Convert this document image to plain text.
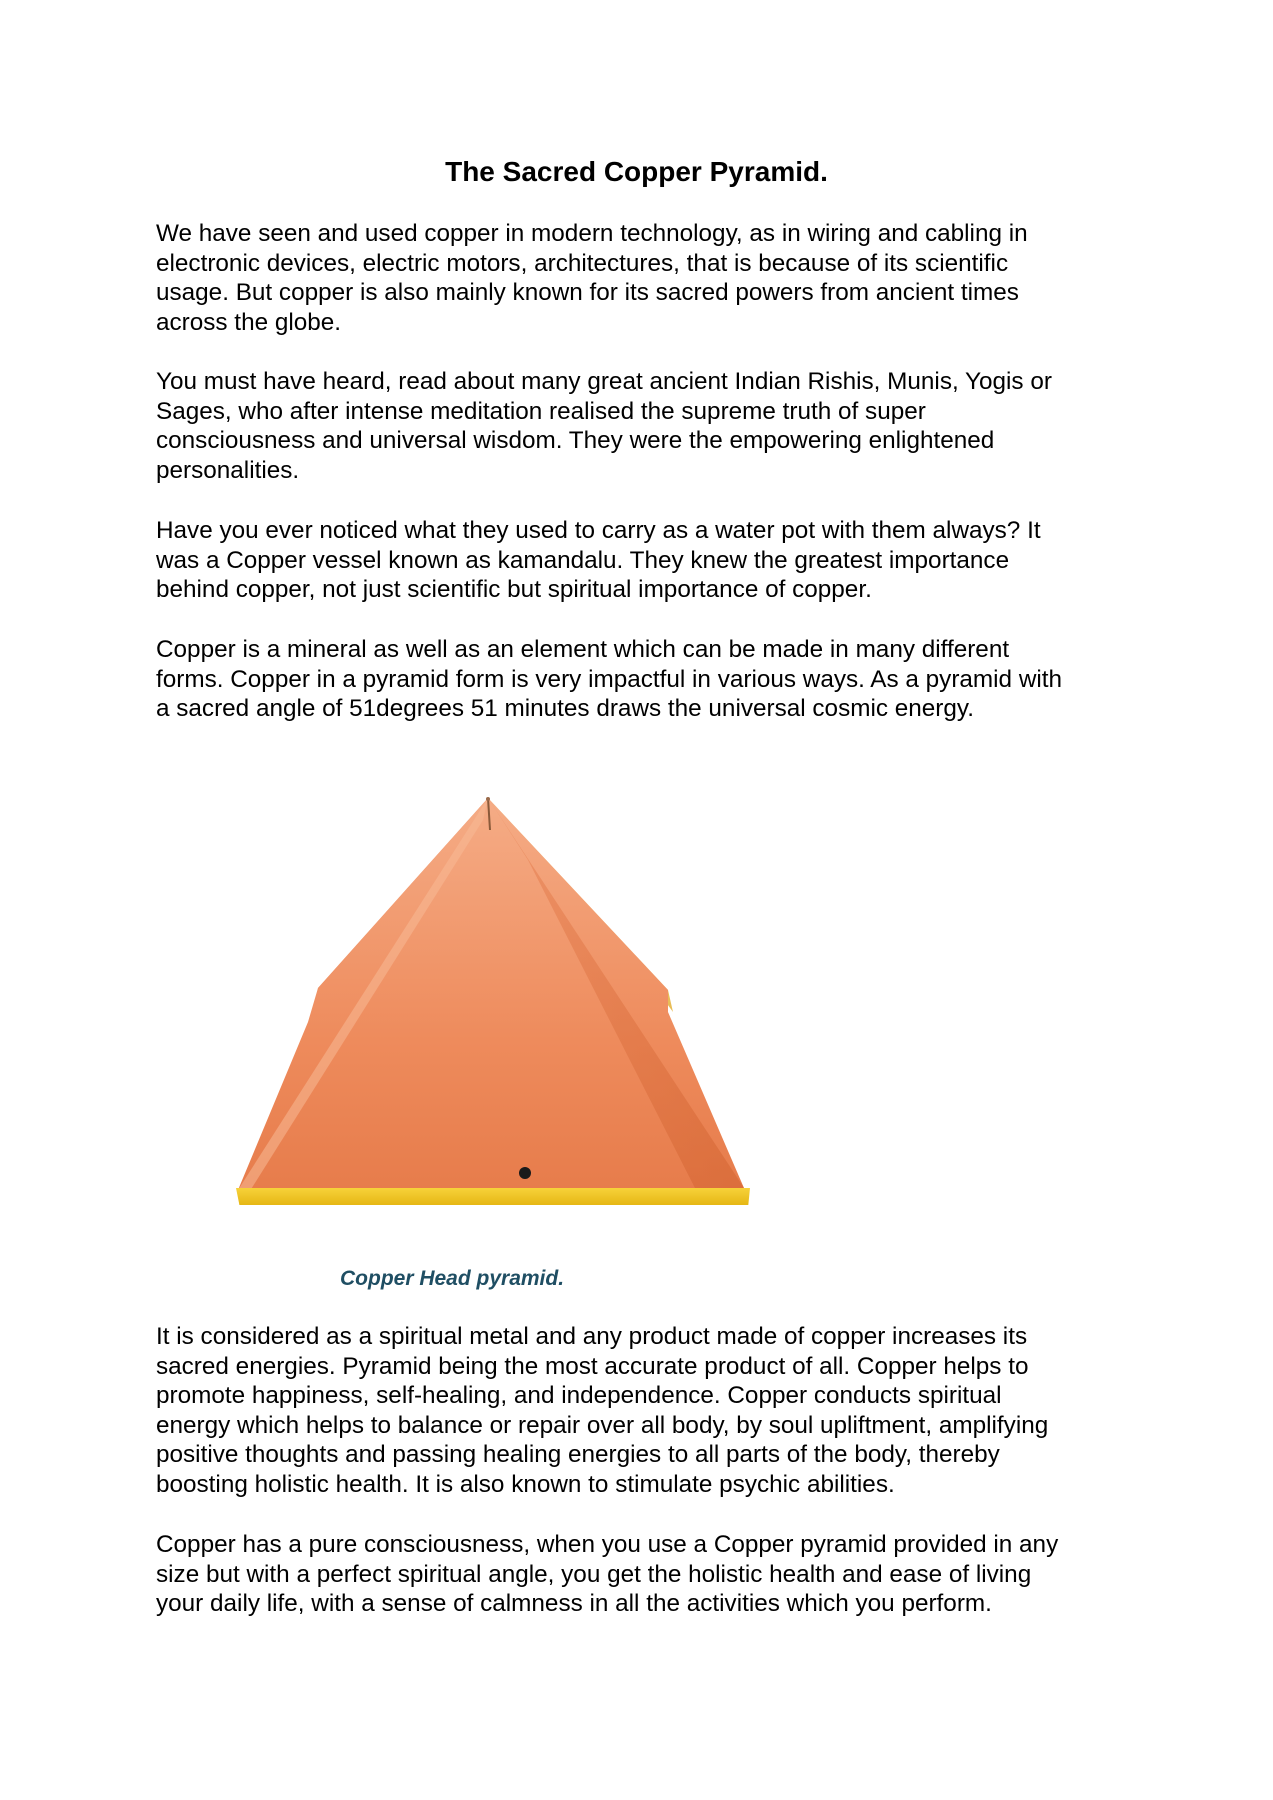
The Sacred Copper Pyramid.

We have seen and used copper in modern technology, as in wiring and cabling in
electronic devices, electric motors, architectures, that is because of its scientific
usage. But copper is also mainly known for its sacred powers from ancient times
across the globe.

You must have heard, read about many great ancient Indian Rishis, Munis, Yogis or
Sages, who after intense meditation realised the supreme truth of super
consciousness and universal wisdom. They were the empowering enlightened
personalities.

Have you ever noticed what they used to carry as a water pot with them always? It
was a Copper vessel known as kamandalu. They knew the greatest importance
behind copper, not just scientific but spiritual importance of copper.

Copper is a mineral as well as an element which can be made in many different
forms. Copper in a pyramid form is very impactful in various ways. As a pyramid with
a sacred angle of 51degrees 51 minutes draws the universal cosmic energy.

Copper Head pyramid.

It is considered as a spiritual metal and any product made of copper increases its
sacred energies. Pyramid being the most accurate product of all. Copper helps to
promote happiness, self-healing, and independence. Copper conducts spiritual
energy which helps to balance or repair over all body, by soul upliftment, amplifying
positive thoughts and passing healing energies to all parts of the body, thereby
boosting holistic health. It is also known to stimulate psychic abilities.

Copper has a pure consciousness, when you use a Copper pyramid provided in any
size but with a perfect spiritual angle, you get the holistic health and ease of living
your daily life, with a sense of calmness in all the activities which you perform.
